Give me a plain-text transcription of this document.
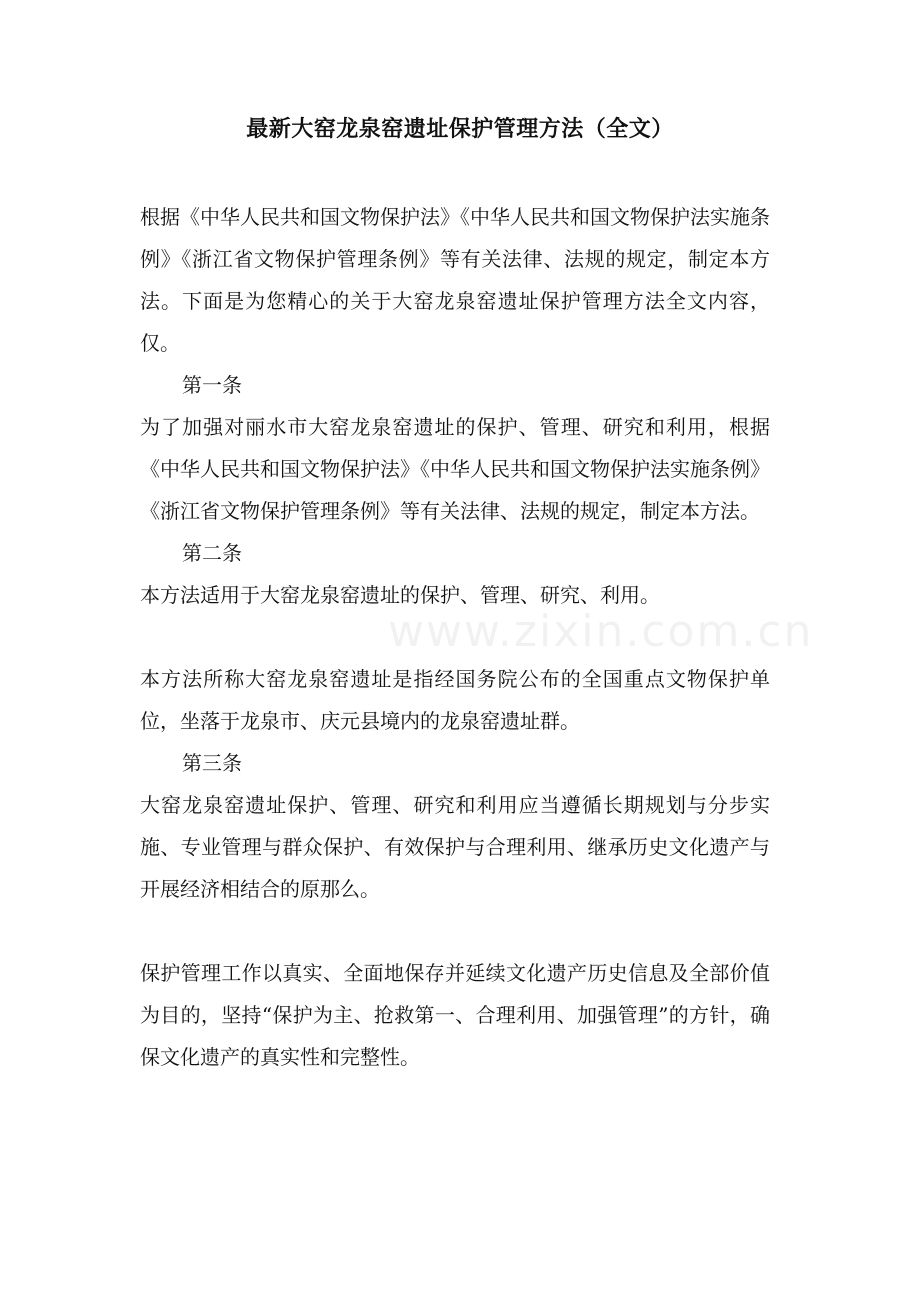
最新大窑龙泉窑遗址保护管理方法（全文）

根据《中华人民共和国文物保护法》《中华人民共和国文物保护法实施条例》《浙江省文物保护管理条例》等有关法律、法规的规定，制定本方法。下面是为您精心的关于大窑龙泉窑遗址保护管理方法全文内容，仅。

第一条

为了加强对丽水市大窑龙泉窑遗址的保护、管理、研究和利用，根据《中华人民共和国文物保护法》《中华人民共和国文物保护法实施条例》《浙江省文物保护管理条例》等有关法律、法规的规定，制定本方法。

第二条

本方法适用于大窑龙泉窑遗址的保护、管理、研究、利用。

本方法所称大窑龙泉窑遗址是指经国务院公布的全国重点文物保护单位，坐落于龙泉市、庆元县境内的龙泉窑遗址群。

第三条

大窑龙泉窑遗址保护、管理、研究和利用应当遵循长期规划与分步实施、专业管理与群众保护、有效保护与合理利用、继承历史文化遗产与开展经济相结合的原那么。

保护管理工作以真实、全面地保存并延续文化遗产历史信息及全部价值为目的，坚持“保护为主、抢救第一、合理利用、加强管理”的方针，确保文化遗产的真实性和完整性。

www.zixin.com.cn
